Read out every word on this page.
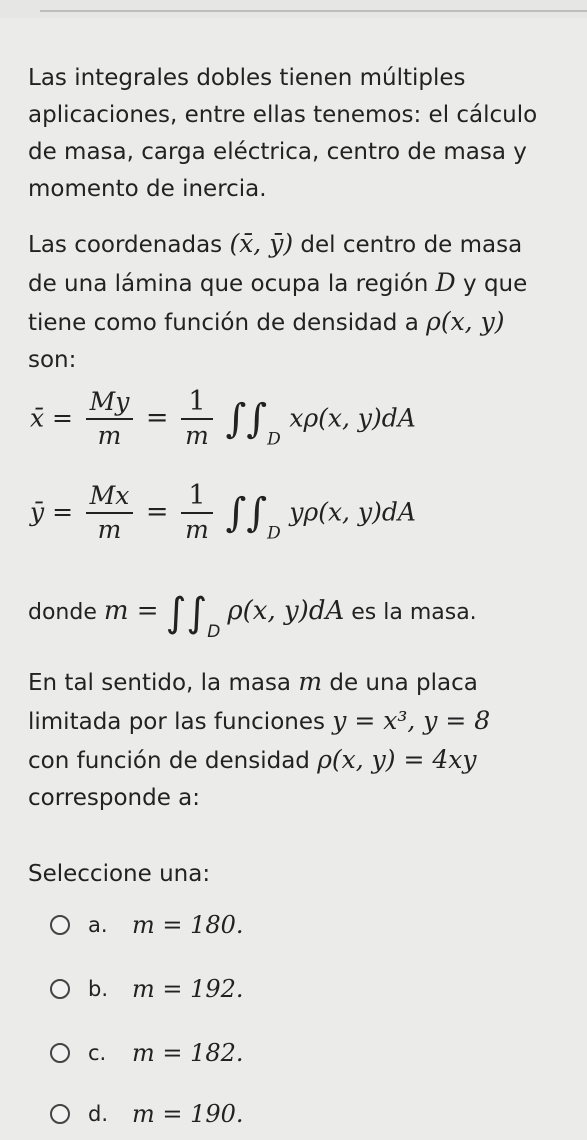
Las integrales dobles tienen múltiples
aplicaciones, entre ellas tenemos: el cálculo
de masa, carga eléctrica, centro de masa y
momento de inercia.
Las coordenadas (x̄, ȳ) del centro de masa
de una lámina que ocupa la región D y que
tiene como función de densidad a ρ(x, y)
son:
x̄ = $\frac{My}{m} = \frac{1}{m} \int\int_D$ xρ(x, y)dA
ȳ = $\frac{Mx}{m} = \frac{1}{m} \int\int_D$ yρ(x, y)dA
donde $m = \int\int_D$ ρ(x, y)dA es la masa.
En tal sentido, la masa m de una placa
limitada por las funciones y = x³, y = 8
con función de densidad ρ(x, y) = 4xy
corresponde a:
Seleccione una:
a.	m = 180.
b. m = 192.
c.	m = 182.
d. m = 190.
